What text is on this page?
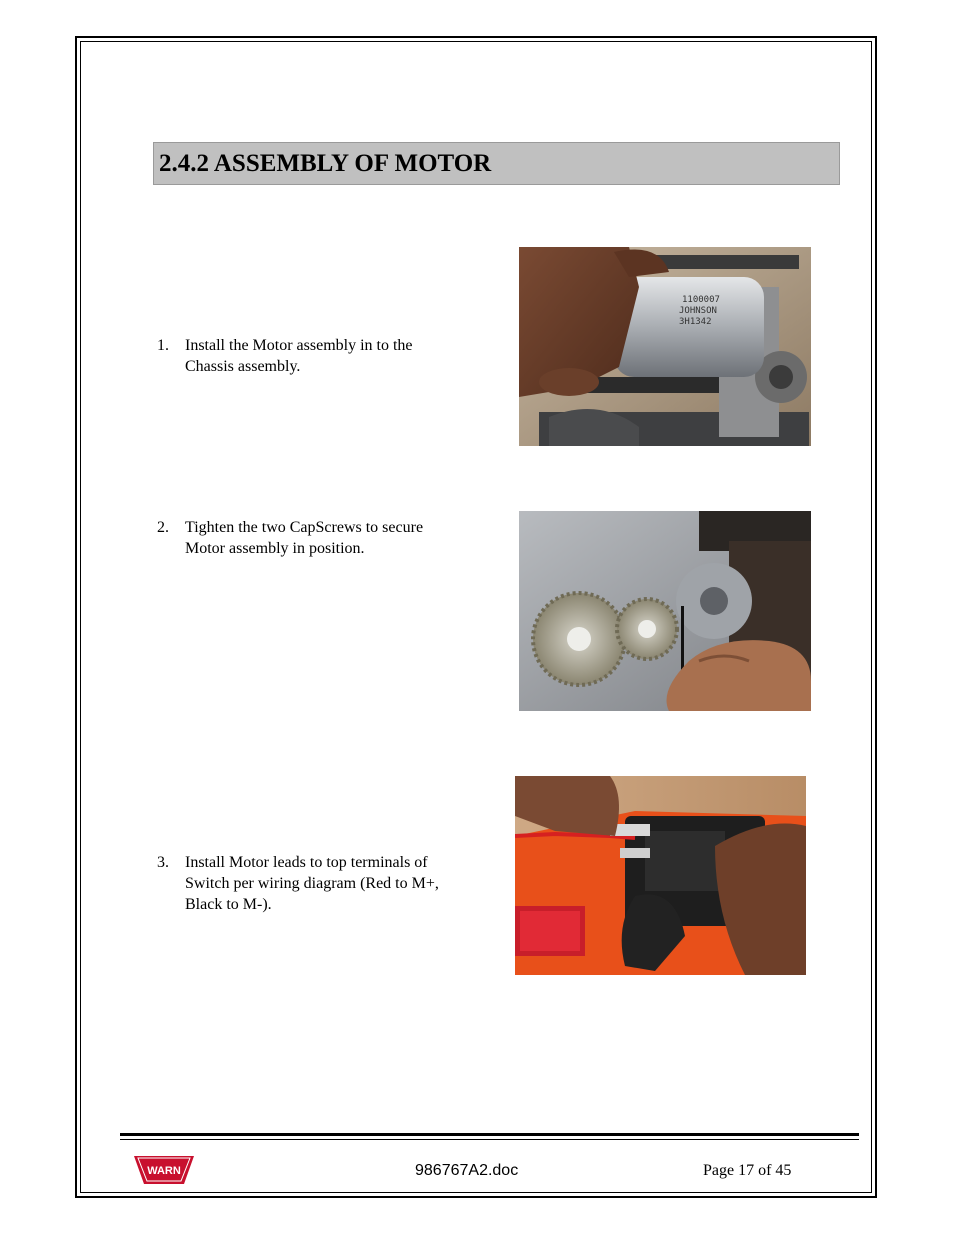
2.4.2 ASSEMBLY OF MOTOR
1. Install the Motor assembly in to the
Chassis assembly.
2. Tighten the two CapScrews to secure
Motor assembly in position.
3. Install Motor leads to top terminals of
Switch per wiring diagram (Red to M+,
Black to M-).
1100007
JOHNSON
3H1342
WARN	986767A2.doc	Page 17 of 45
